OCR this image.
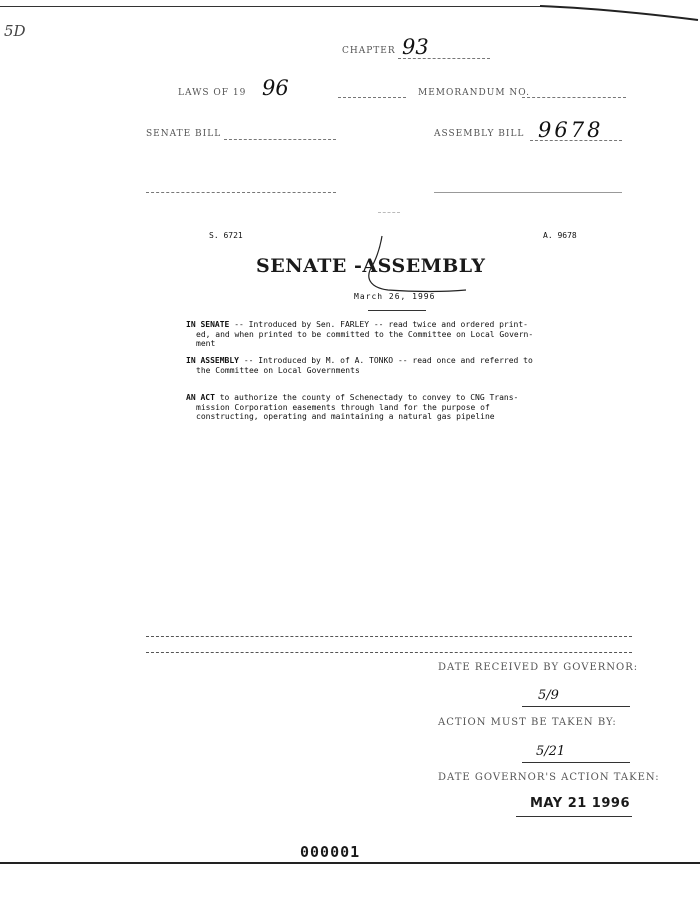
5D
CHAPTER 93
LAWS OF 19 96	MEMORANDUM NO.
SENATE BILL	ASSEMBLY BILL 9678
S. 6721	A. 9678
SENATE -ASSEMBLY
March 26, 1996
IN SENATE -- Introduced by Sen. FARLEY -- read twice and ordered print-
ed, and when printed to be committed to the Committee on Local Govern-
ment
IN ASSEMBLY -- Introduced by M. of A. TONKO -- read once and referred to
the Committee on Local Governments
AN ACT to authorize the county of Schenectady to convey to CNG Trans-
mission Corporation easements through land for the purpose of
constructing, operating and maintaining a natural gas pipeline
DATE RECEIVED BY GOVERNOR:
5/9
ACTION MUST BE TAKEN BY:
5/21
DATE GOVERNOR'S ACTION TAKEN:
MAY 21 1996
000001
